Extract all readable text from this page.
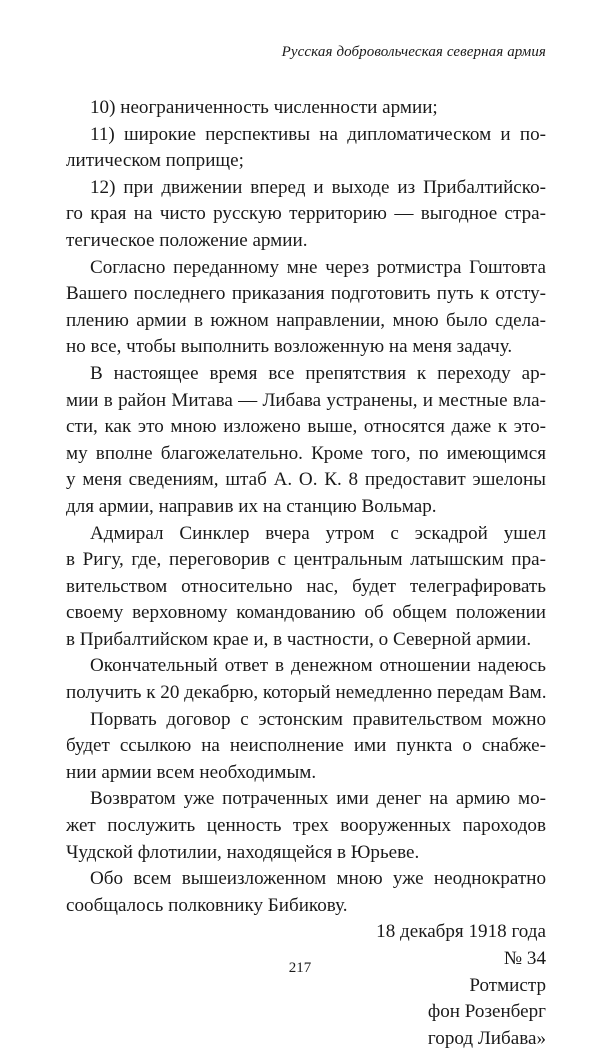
Русская добровольческая северная армия
10) неограниченность численности армии;
11) широкие перспективы на дипломатическом и по-
литическом поприще;
12) при движении вперед и выходе из Прибалтийско-
го края на чисто русскую территорию — выгодное стра-
тегическое положение армии.
Согласно переданному мне через ротмистра Гоштовта
Вашего последнего приказания подготовить путь к отсту-
плению армии в южном направлении, мною было сдела-
но все, чтобы выполнить возложенную на меня задачу.
В настоящее время все препятствия к переходу ар-
мии в район Митава — Либава устранены, и местные вла-
сти, как это мною изложено выше, относятся даже к это-
му вполне благожелательно. Кроме того, по имеющимся
у меня сведениям, штаб А. О. К. 8 предоставит эшелоны
для армии, направив их на станцию Вольмар.
Адмирал Синклер вчера утром с эскадрой ушел
в Ригу, где, переговорив с центральным латышским пра-
вительством относительно нас, будет телеграфировать
своему верховному командованию об общем положении
в Прибалтийском крае и, в частности, о Северной армии.
Окончательный ответ в денежном отношении надеюсь
получить к 20 декабрю, который немедленно передам Вам.
Порвать договор с эстонским правительством можно
будет ссылкою на неисполнение ими пункта о снабже-
нии армии всем необходимым.
Возвратом уже потраченных ими денег на армию мо-
жет послужить ценность трех вооруженных пароходов
Чудской флотилии, находящейся в Юрьеве.
Обо всем вышеизложенном мною уже неоднократно
сообщалось полковнику Бибикову.
18 декабря 1918 года
№ 34
Ротмистр
фон Розенберг
город Либава»
217
